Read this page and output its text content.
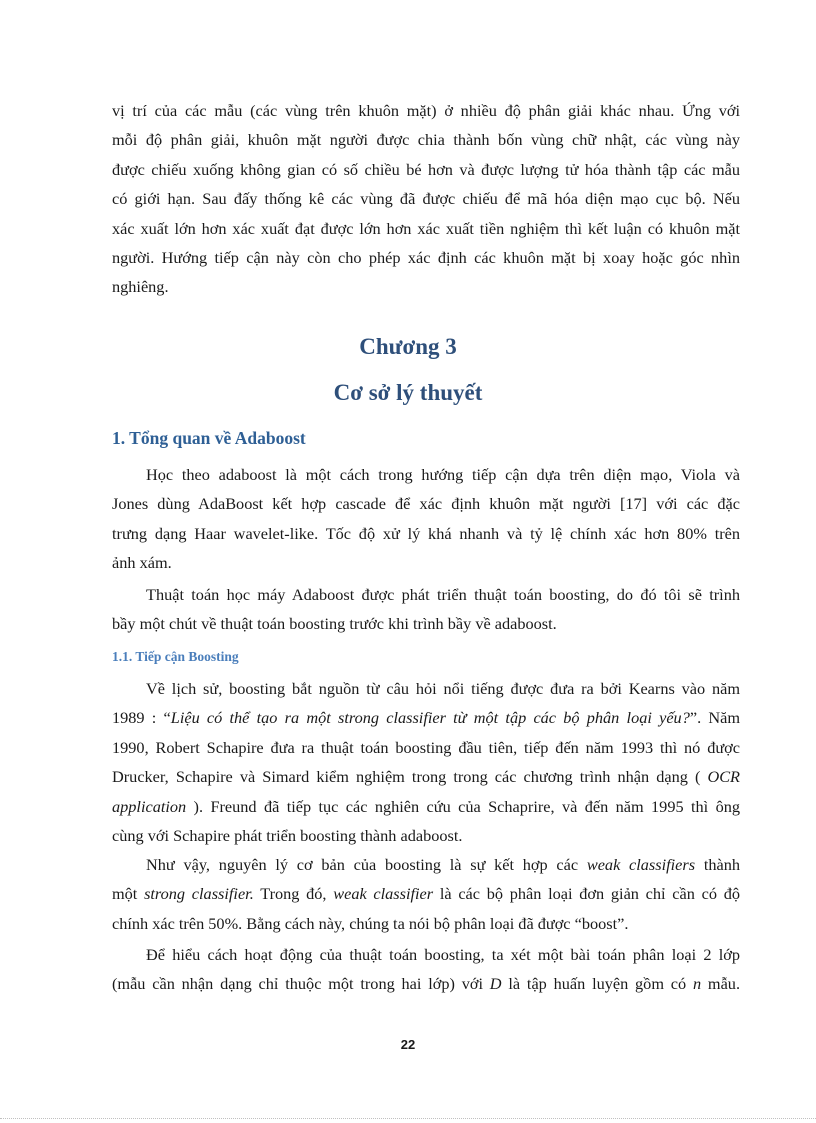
vị trí của các mẫu (các vùng trên khuôn mặt) ở nhiều độ phân giải khác nhau. Ứng với
mỗi độ phân giải, khuôn mặt người được chia thành bốn vùng chữ nhật, các vùng này
được chiếu xuống không gian có số chiều bé hơn và được lượng tử hóa thành tập các mẫu
có giới hạn. Sau đấy thống kê các vùng đã được chiếu để mã hóa diện mạo cục bộ. Nếu
xác xuất lớn hơn xác xuất đạt được lớn hơn xác xuất tiền nghiệm thì kết luận có khuôn mặt
người. Hướng tiếp cận này còn cho phép xác định các khuôn mặt bị xoay hoặc góc nhìn
nghiêng.
Chương 3
Cơ sở lý thuyết
1. Tổng quan về Adaboost
Học theo adaboost là một cách trong hướng tiếp cận dựa trên diện mạo, Viola và
Jones dùng AdaBoost kết hợp cascade để xác định khuôn mặt người [17] với các đặc
trưng dạng Haar wavelet-like. Tốc độ xử lý khá nhanh và tỷ lệ chính xác hơn 80% trên
ảnh xám.
Thuật toán học máy Adaboost được phát triển thuật toán boosting, do đó tôi sẽ trình
bầy một chút về thuật toán boosting trước khi trình bầy về adaboost.
1.1. Tiếp cận Boosting
Về lịch sử, boosting bắt nguồn từ câu hỏi nổi tiếng được đưa ra bởi Kearns vào năm
1989 : “Liệu có thể tạo ra một strong classifier từ một tập các bộ phân loại yếu?”. Năm
1990, Robert Schapire đưa ra thuật toán boosting đầu tiên, tiếp đến năm 1993 thì nó được
Drucker, Schapire và Simard kiểm nghiệm trong trong các chương trình nhận dạng ( OCR
application ). Freund đã tiếp tục các nghiên cứu của Schaprire, và đến năm 1995 thì ông
cùng với Schapire phát triển boosting thành adaboost.
Như vậy, nguyên lý cơ bản của boosting là sự kết hợp các weak classifiers thành
một strong classifier. Trong đó, weak classifier là các bộ phân loại đơn giản chỉ cần có độ
chính xác trên 50%. Bằng cách này, chúng ta nói bộ phân loại đã được “boost”.
Để hiểu cách hoạt động của thuật toán boosting, ta xét một bài toán phân loại 2 lớp
(mẫu cần nhận dạng chỉ thuộc một trong hai lớp) với D là tập huấn luyện gồm có n mẫu.
22
